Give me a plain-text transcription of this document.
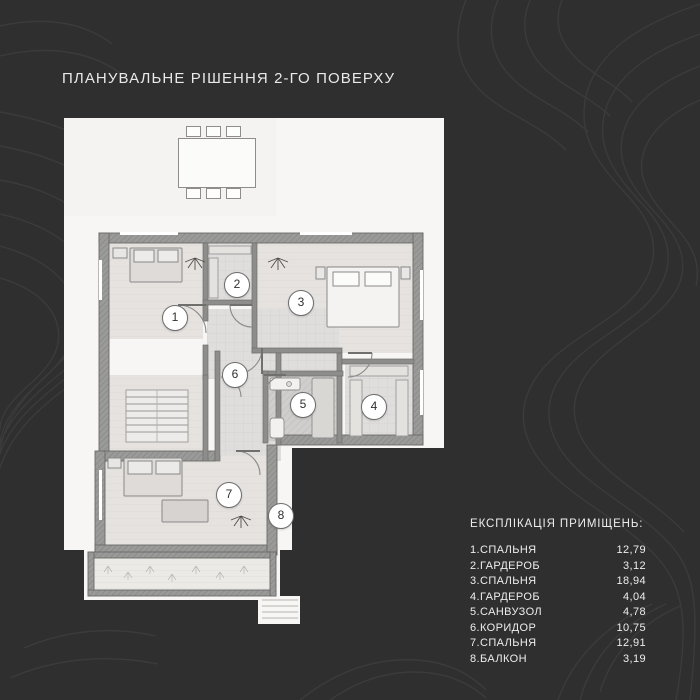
ПЛАНУВАЛЬНЕ РІШЕННЯ 2-ГО ПОВЕРХУ
1
2
3
4
5
6
7
8
ЕКСПЛІКАЦІЯ ПРИМІЩЕНЬ:
1.СПАЛЬНЯ	12,79
2.ГАРДЕРОБ	3,12
3.СПАЛЬНЯ	18,94
4.ГАРДЕРОБ	4,04
5.САНВУЗОЛ	4,78
6.КОРИДОР	10,75
7.СПАЛЬНЯ	12,91
8.БАЛКОН	3,19
